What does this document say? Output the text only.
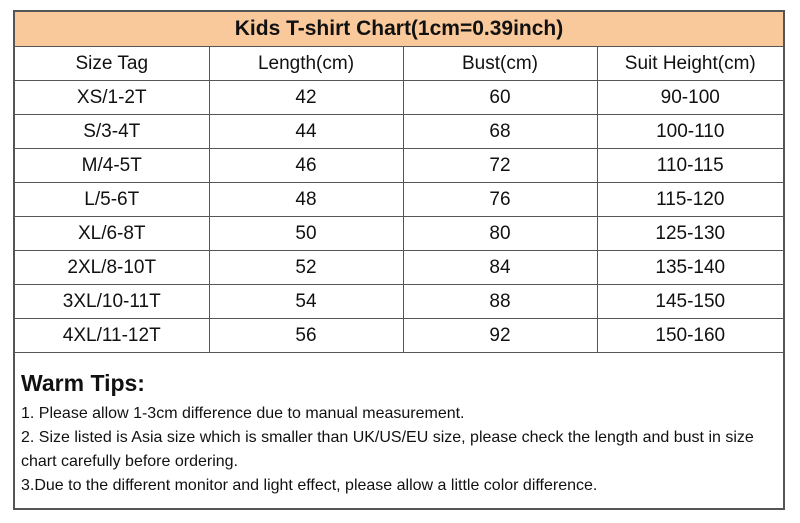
Kids T-shirt Chart(1cm=0.39inch)			
Size Tag	Length(cm)	Bust(cm)	Suit Height(cm)
XS/1-2T	42	60	90-100
S/3-4T	44	68	100-110
M/4-5T	46	72	110-115
L/5-6T	48	76	115-120
XL/6-8T	50	80	125-130
2XL/8-10T	52	84	135-140
3XL/10-11T	54	88	145-150
4XL/11-12T	56	92	150-160

Warm Tips:

1. Please allow 1-3cm difference due to manual measurement.

2. Size listed is Asia size which is smaller than UK/US/EU size, please check the length and bust in size chart carefully before ordering.

3.Due to the different monitor and light effect, please allow a little color difference.
